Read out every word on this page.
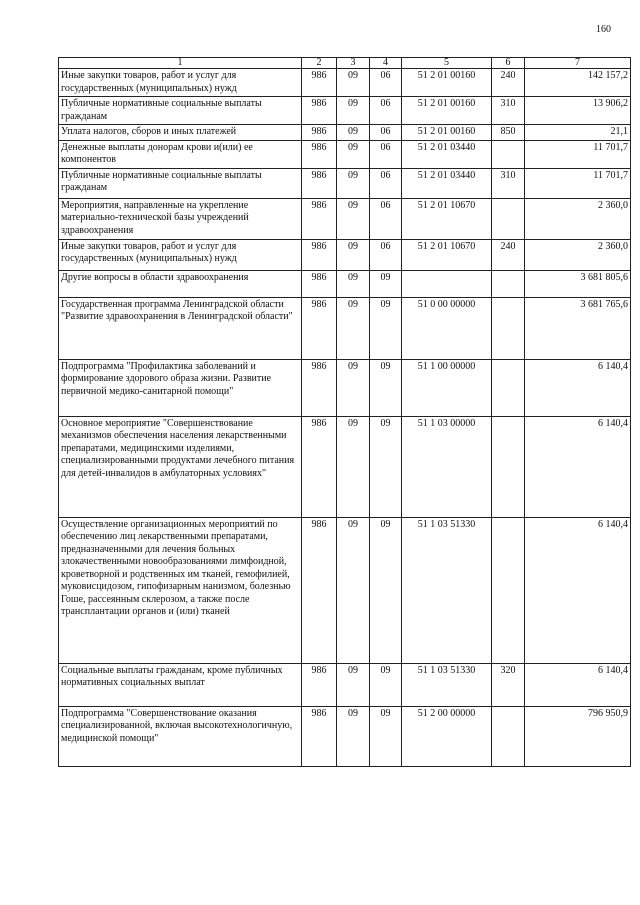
160
1	2	3	4	5	6	7
Иные закупки товаров, работ и услуг для государственных (муниципальных) нужд	986	09	06	51 2 01 00160	240	142 157,2
Публичные нормативные социальные выплаты гражданам	986	09	06	51 2 01 00160	310	13 906,2
Уплата налогов, сборов и иных платежей	986	09	06	51 2 01 00160	850	21,1
Денежные выплаты донорам крови и(или) ее компонентов	986	09	06	51 2 01 03440		11 701,7
Публичные нормативные социальные выплаты гражданам	986	09	06	51 2 01 03440	310	11 701,7
Мероприятия, направленные на укрепление материально-технической базы учреждений здравоохранения	986	09	06	51 2 01 10670		2 360,0
Иные закупки товаров, работ и услуг для государственных (муниципальных) нужд	986	09	06	51 2 01 10670	240	2 360,0
Другие вопросы в области здравоохранения	986	09	09			3 681 805,6
Государственная программа Ленинградской области "Развитие здравоохранения в Ленинградской области"	986	09	09	51 0 00 00000		3 681 765,6
Подпрограмма "Профилактика заболеваний и формирование здорового образа жизни. Развитие первичной медико-санитарной помощи"	986	09	09	51 1 00 00000		6 140,4
Основное мероприятие "Совершенствование механизмов обеспечения населения лекарственными препаратами, медицинскими изделиями, специализированными продуктами лечебного питания для детей-инвалидов в амбулаторных условиях"	986	09	09	51 1 03 00000		6 140,4
Осуществление организационных мероприятий по обеспечению лиц лекарственными препаратами, предназначенными для лечения больных злокачественными новообразованиями лимфоидной, кроветворной и родственных им тканей, гемофилией, муковисцидозом, гипофизарным нанизмом, болезнью Гоше, рассеянным склерозом, а также после трансплантации органов и (или) тканей	986	09	09	51 1 03 51330		6 140,4
Социальные выплаты гражданам, кроме публичных нормативных социальных выплат	986	09	09	51 1 03 51330	320	6 140,4
Подпрограмма "Совершенствование оказания специализированной, включая высокотехнологичную, медицинской помощи"	986	09	09	51 2 00 00000		796 950,9
